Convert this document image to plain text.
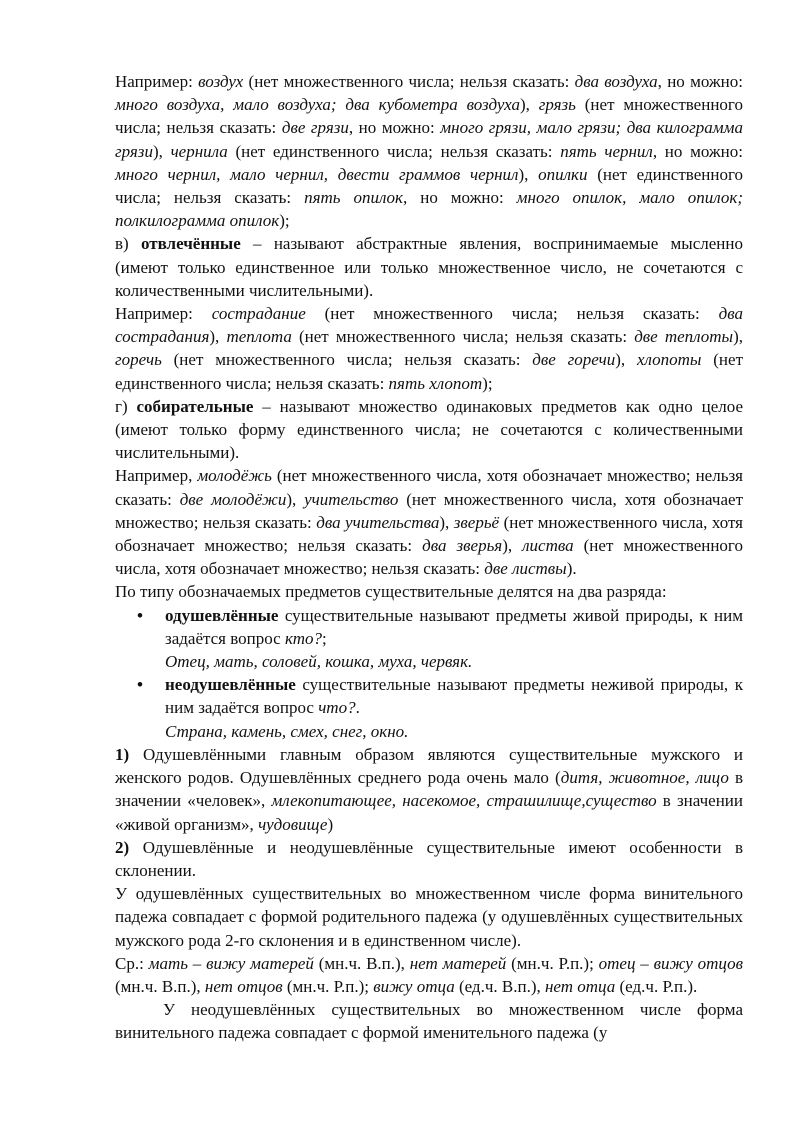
Например: воздух (нет множественного числа; нельзя сказать: два воздуха, но можно: много воздуха, мало воздуха; два кубометра воздуха), грязь (нет множественного числа; нельзя сказать: две грязи, но можно: много грязи, мало грязи; два килограмма грязи), чернила (нет единственного числа; нельзя сказать: пять чернил, но можно: много чернил, мало чернил, двести граммов чернил), опилки (нет единственного числа; нельзя сказать: пять опилок, но можно: много опилок, мало опилок; полкилограмма опилок);

в) отвлечённые – называют абстрактные явления, воспринимаемые мысленно (имеют только единственное или только множественное число, не сочетаются с количественными числительными).

Например: сострадание (нет множественного числа; нельзя сказать: два сострадания), теплота (нет множественного числа; нельзя сказать: две теплоты), горечь (нет множественного числа; нельзя сказать: две горечи), хлопоты (нет единственного числа; нельзя сказать: пять хлопот);

г) собирательные – называют множество одинаковых предметов как одно целое (имеют только форму единственного числа; не сочетаются с количественными числительными).

Например, молодёжь (нет множественного числа, хотя обозначает множество; нельзя сказать: две молодёжи), учительство (нет множественного числа, хотя обозначает множество; нельзя сказать: два учительства), зверьё (нет множественного числа, хотя обозначает множество; нельзя сказать: два зверья), листва (нет множественного числа, хотя обозначает множество; нельзя сказать: две листвы).

По типу обозначаемых предметов существительные делятся на два разряда:

• одушевлённые существительные называют предметы живой природы, к ним задаётся вопрос кто?;
Отец, мать, соловей, кошка, муха, червяк.
• неодушевлённые существительные называют предметы неживой природы, к ним задаётся вопрос что?.
Страна, камень, смех, снег, окно.

1) Одушевлёнными главным образом являются существительные мужского и женского родов. Одушевлённых среднего рода очень мало (дитя, животное, лицо в значении «человек», млекопитающее, насекомое, страшилище,существо в значении «живой организм», чудовище)

2) Одушевлённые и неодушевлённые существительные имеют особенности в склонении.

У одушевлённых существительных во множественном числе форма винительного падежа совпадает с формой родительного падежа (у одушевлённых существительных мужского рода 2-го склонения и в единственном числе).

Ср.: мать – вижу матерей (мн.ч. В.п.), нет матерей (мн.ч. Р.п.); отец – вижу отцов (мн.ч. В.п.), нет отцов (мн.ч. Р.п.); вижу отца (ед.ч. В.п.), нет отца (ед.ч. Р.п.).

У неодушевлённых существительных во множественном числе форма винительного падежа совпадает с формой именительного падежа (у
